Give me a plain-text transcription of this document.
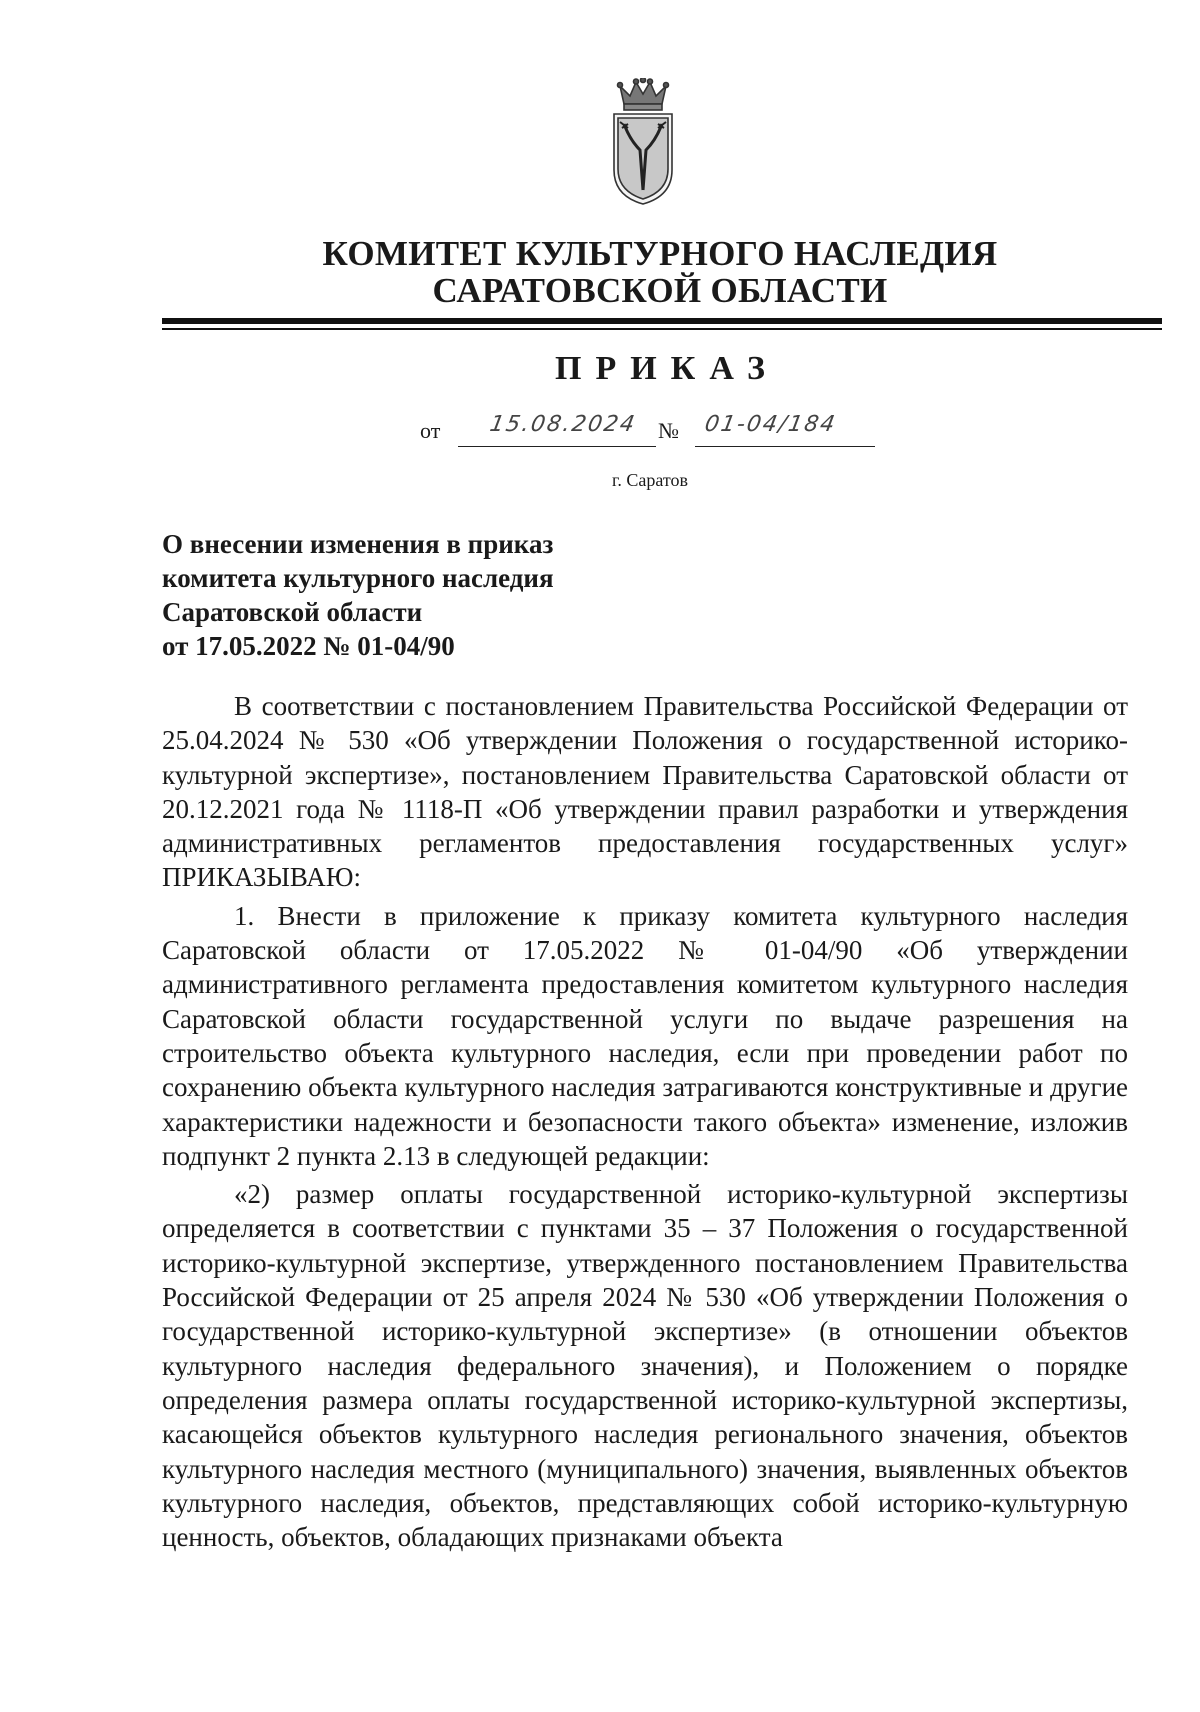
КОМИТЕТ КУЛЬТУРНОГО НАСЛЕДИЯ
САРАТОВСКОЙ ОБЛАСТИ
ПРИКАЗ
от 15.08.2024 № 01-04/184
г. Саратов
О внесении изменения в приказ
комитета культурного наследия
Саратовской области
от 17.05.2022 № 01-04/90

В соответствии с постановлением Правительства Российской Федерации от 25.04.2024 № 530 «Об утверждении Положения о государственной историко-культурной экспертизе», постановлением Правительства Саратовской области от 20.12.2021 года № 1118-П «Об утверждении правил разработки и утверждения административных регламентов предоставления государственных услуг» ПРИКАЗЫВАЮ:

1. Внести в приложение к приказу комитета культурного наследия Саратовской области от 17.05.2022 № 01-04/90 «Об утверждении административного регламента предоставления комитетом культурного наследия Саратовской области государственной услуги по выдаче разрешения на строительство объекта культурного наследия, если при проведении работ по сохранению объекта культурного наследия затрагиваются конструктивные и другие характеристики надежности и безопасности такого объекта» изменение, изложив подпункт 2 пункта 2.13 в следующей редакции:

«2) размер оплаты государственной историко-культурной экспертизы определяется в соответствии с пунктами 35 – 37 Положения о государственной историко-культурной экспертизе, утвержденного постановлением Правительства Российской Федерации от 25 апреля 2024 № 530 «Об утверждении Положения о государственной историко-культурной экспертизе» (в отношении объектов культурного наследия федерального значения), и Положением о порядке определения размера оплаты государственной историко-культурной экспертизы, касающейся объектов культурного наследия регионального значения, объектов культурного наследия местного (муниципального) значения, выявленных объектов культурного наследия, объектов, представляющих собой историко-культурную ценность, объектов, обладающих признаками объекта
